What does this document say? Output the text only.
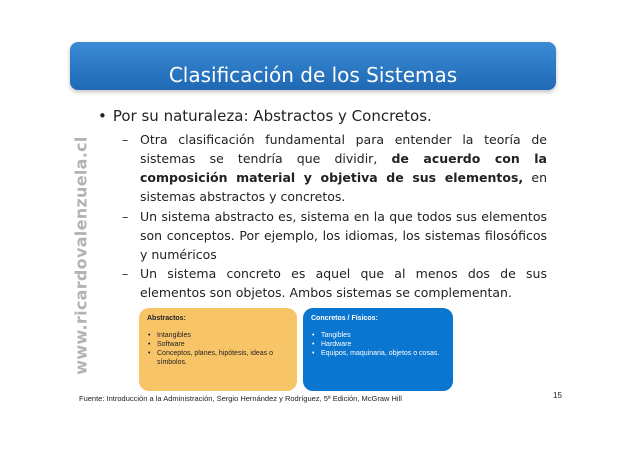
www.ricardovalenzuela.cl
Clasificación de los Sistemas
• Por su naturaleza: Abstractos y Concretos.
– Otra clasificación fundamental para entender la teoría de sistemas se tendría que dividir, de acuerdo con la composición material y objetiva de sus elementos, en sistemas abstractos y concretos.
– Un sistema abstracto es, sistema en la que todos sus elementos son conceptos. Por ejemplo, los idiomas, los sistemas filosóficos y numéricos
– Un sistema concreto es aquel que al menos dos de sus elementos son objetos. Ambos sistemas se complementan.
Abstractos:
• Intangibles
• Software
• Conceptos, planes, hipótesis, ideas o símbolos.
Concretos / Físicos:
• Tangibles
• Hardware
• Equipos, maquinaria, objetos o cosas.
Fuente: Introducción a la Administración, Sergio Hernández y Rodríguez, 5ª Edición, McGraw Hill	15
